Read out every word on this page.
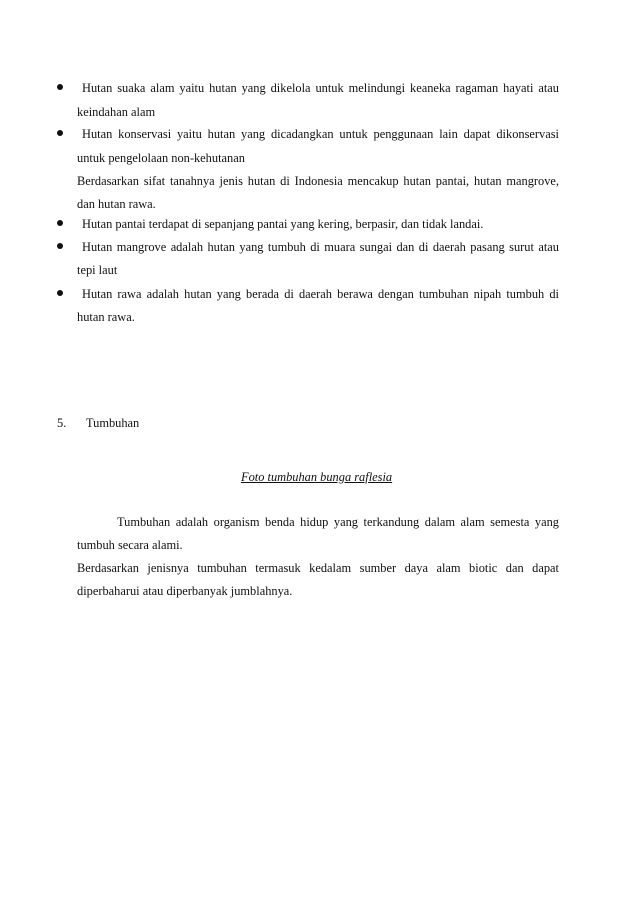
Hutan suaka alam yaitu hutan yang dikelola untuk melindungi keaneka ragaman hayati atau
keindahan alam
Hutan konservasi yaitu hutan yang dicadangkan untuk penggunaan lain dapat dikonservasi
untuk pengelolaan non-kehutanan
Berdasarkan sifat tanahnya jenis hutan di Indonesia mencakup hutan pantai, hutan mangrove,
dan hutan rawa.
Hutan pantai terdapat di sepanjang pantai yang kering, berpasir, dan tidak landai.
Hutan mangrove adalah hutan yang tumbuh di muara sungai dan di daerah pasang surut atau
tepi laut
Hutan rawa adalah hutan yang berada di daerah berawa dengan tumbuhan nipah tumbuh di
hutan rawa.
5. Tumbuhan
Foto tumbuhan bunga raflesia
Tumbuhan adalah organism benda hidup yang terkandung dalam alam semesta yang
tumbuh secara alami.
Berdasarkan jenisnya tumbuhan termasuk kedalam sumber daya alam biotic dan dapat
diperbaharui atau diperbanyak jumblahnya.
